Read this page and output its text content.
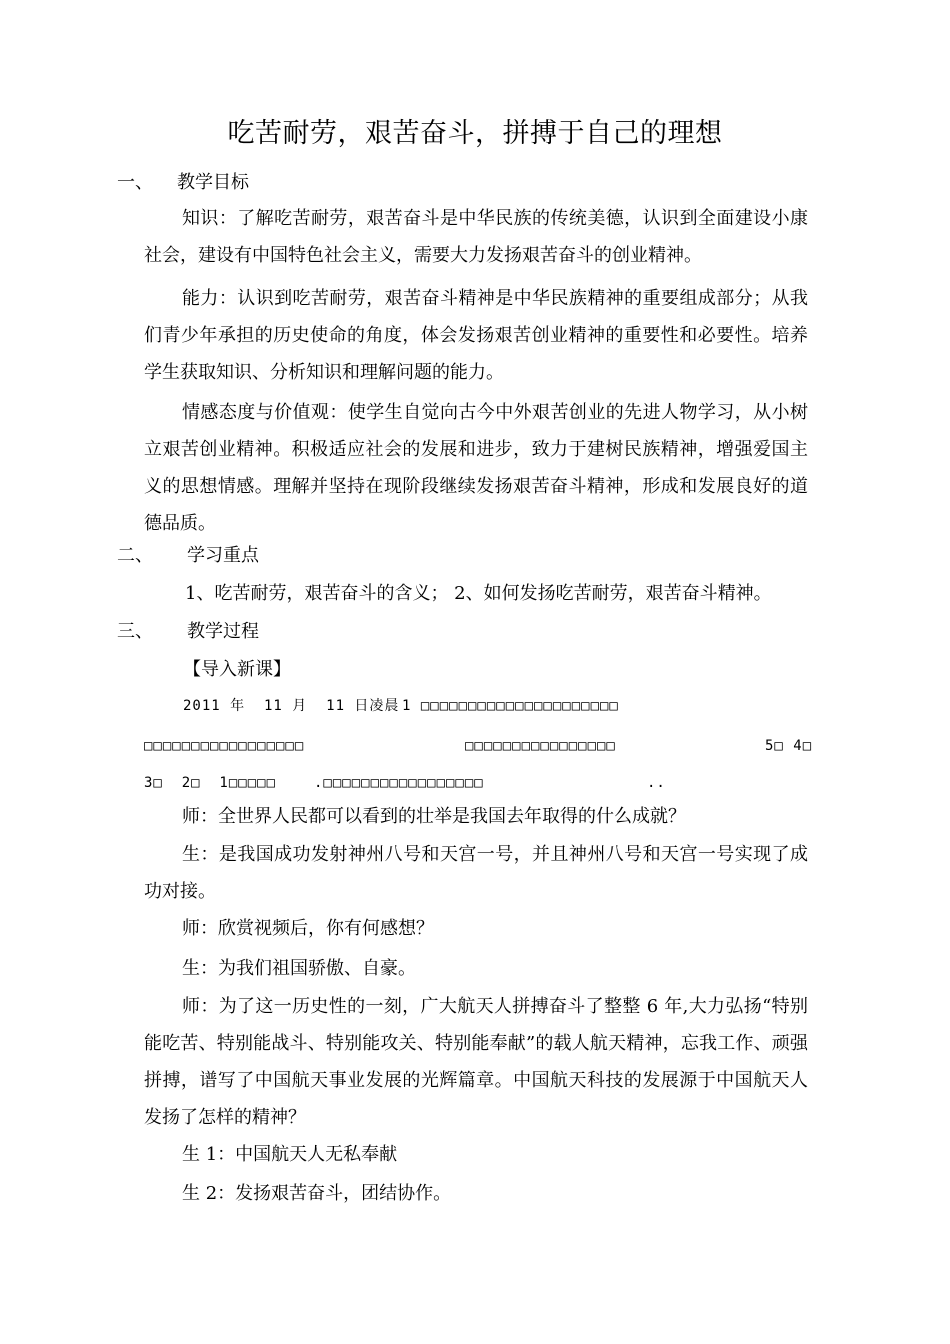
吃苦耐劳，艰苦奋斗，拼搏于自己的理想
一、 教学目标

知识：了解吃苦耐劳，艰苦奋斗是中华民族的传统美德，认识到全面建设小康社会，建设有中国特色社会主义，需要大力发扬艰苦奋斗的创业精神。

能力：认识到吃苦耐劳，艰苦奋斗精神是中华民族精神的重要组成部分；从我们青少年承担的历史使命的角度，体会发扬艰苦创业精神的重要性和必要性。培养学生获取知识、分析知识和理解问题的能力。

情感态度与价值观：使学生自觉向古今中外艰苦创业的先进人物学习，从小树立艰苦创业精神。积极适应社会的发展和进步，致力于建树民族精神，增强爱国主义的思想情感。理解并坚持在现阶段继续发扬艰苦奋斗精神，形成和发展良好的道德品质。

二、 学习重点
1、吃苦耐劳，艰苦奋斗的含义； 2、如何发扬吃苦耐劳，艰苦奋斗精神。
三、 教学过程
【导入新课】
2011 年  11 月  11 日凌晨 1 □□□□□□□□□□□□□□□□□□□□□
□□□□□□□□□□□□□□□□□	□□□□□□□□□□□□□□□□	5□ 4□
3□  2□  1□□□□□	.□□□□□□□□□□□□□□□□□	..

师：全世界人民都可以看到的壮举是我国去年取得的什么成就？

生：是我国成功发射神州八号和天宫一号，并且神州八号和天宫一号实现了成功对接。

师：欣赏视频后，你有何感想？

生：为我们祖国骄傲、自豪。

师：为了这一历史性的一刻，广大航天人拼搏奋斗了整整 6 年,大力弘扬“特别能吃苦、特别能战斗、特别能攻关、特别能奉献”的载人航天精神，忘我工作、顽强拼搏，谱写了中国航天事业发展的光辉篇章。中国航天科技的发展源于中国航天人发扬了怎样的精神？

生 1：中国航天人无私奉献

生 2：发扬艰苦奋斗，团结协作。
